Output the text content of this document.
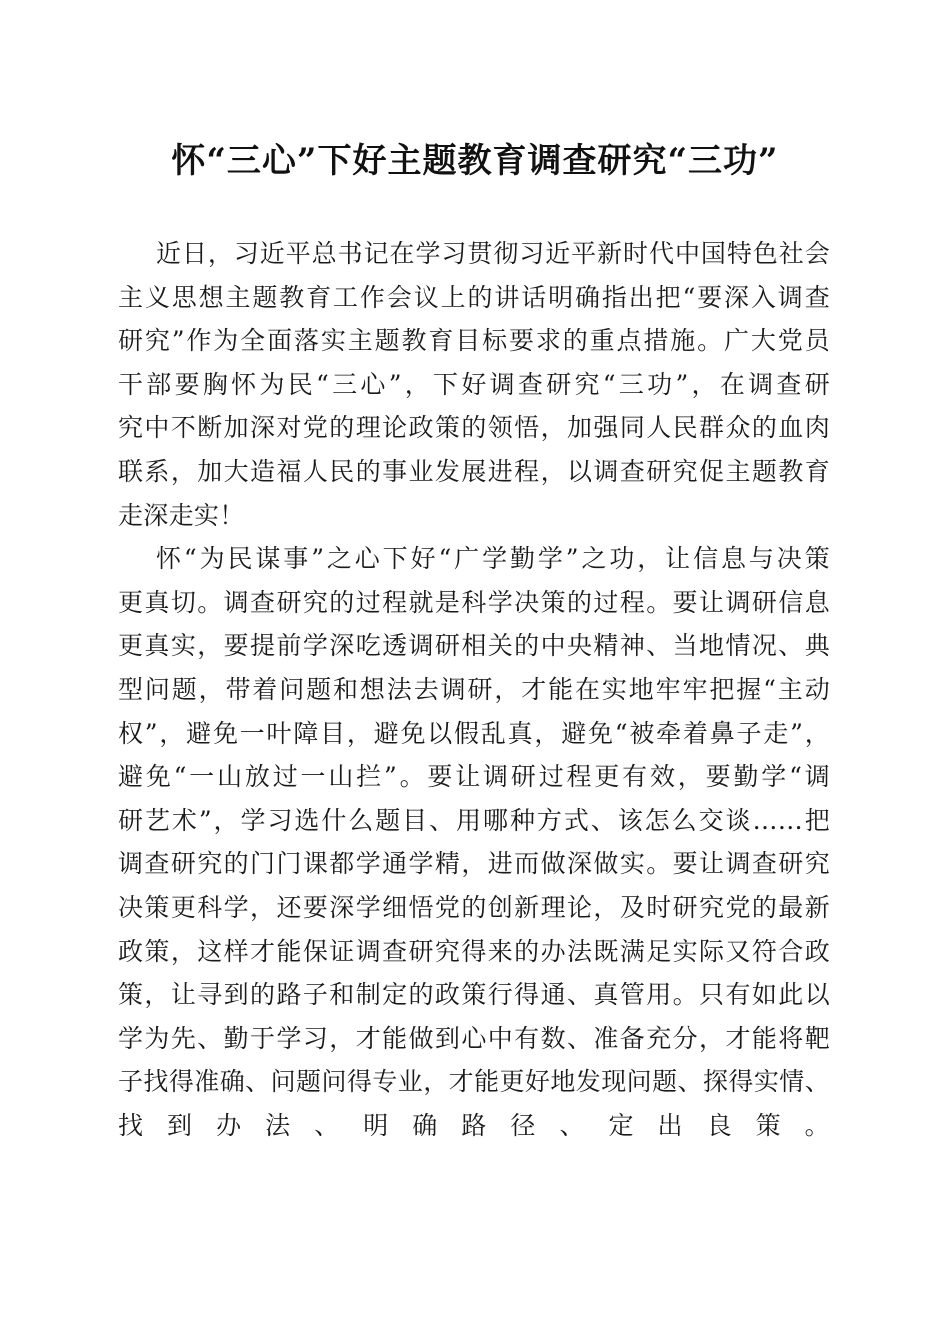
怀“三心”下好主题教育调查研究“三功”
近日，习近平总书记在学习贯彻习近平新时代中国特色社会
主义思想主题教育工作会议上的讲话明确指出把“要深入调查
研究”作为全面落实主题教育目标要求的重点措施。广大党员
干部要胸怀为民“三心”，下好调查研究“三功”，在调查研
究中不断加深对党的理论政策的领悟，加强同人民群众的血肉
联系，加大造福人民的事业发展进程，以调查研究促主题教育
走深走实！
怀“为民谋事”之心下好“广学勤学”之功，让信息与决策
更真切。调查研究的过程就是科学决策的过程。要让调研信息
更真实，要提前学深吃透调研相关的中央精神、当地情况、典
型问题，带着问题和想法去调研，才能在实地牢牢把握“主动
权”，避免一叶障目，避免以假乱真，避免“被牵着鼻子走”，
避免“一山放过一山拦”。要让调研过程更有效，要勤学“调
研艺术”，学习选什么题目、用哪种方式、该怎么交谈……把
调查研究的门门课都学通学精，进而做深做实。要让调查研究
决策更科学，还要深学细悟党的创新理论，及时研究党的最新
政策，这样才能保证调查研究得来的办法既满足实际又符合政
策，让寻到的路子和制定的政策行得通、真管用。只有如此以
学为先、勤于学习，才能做到心中有数、准备充分，才能将靶
子找得准确、问题问得专业，才能更好地发现问题、探得实情、
找到办法、明确路径、定出良策。
